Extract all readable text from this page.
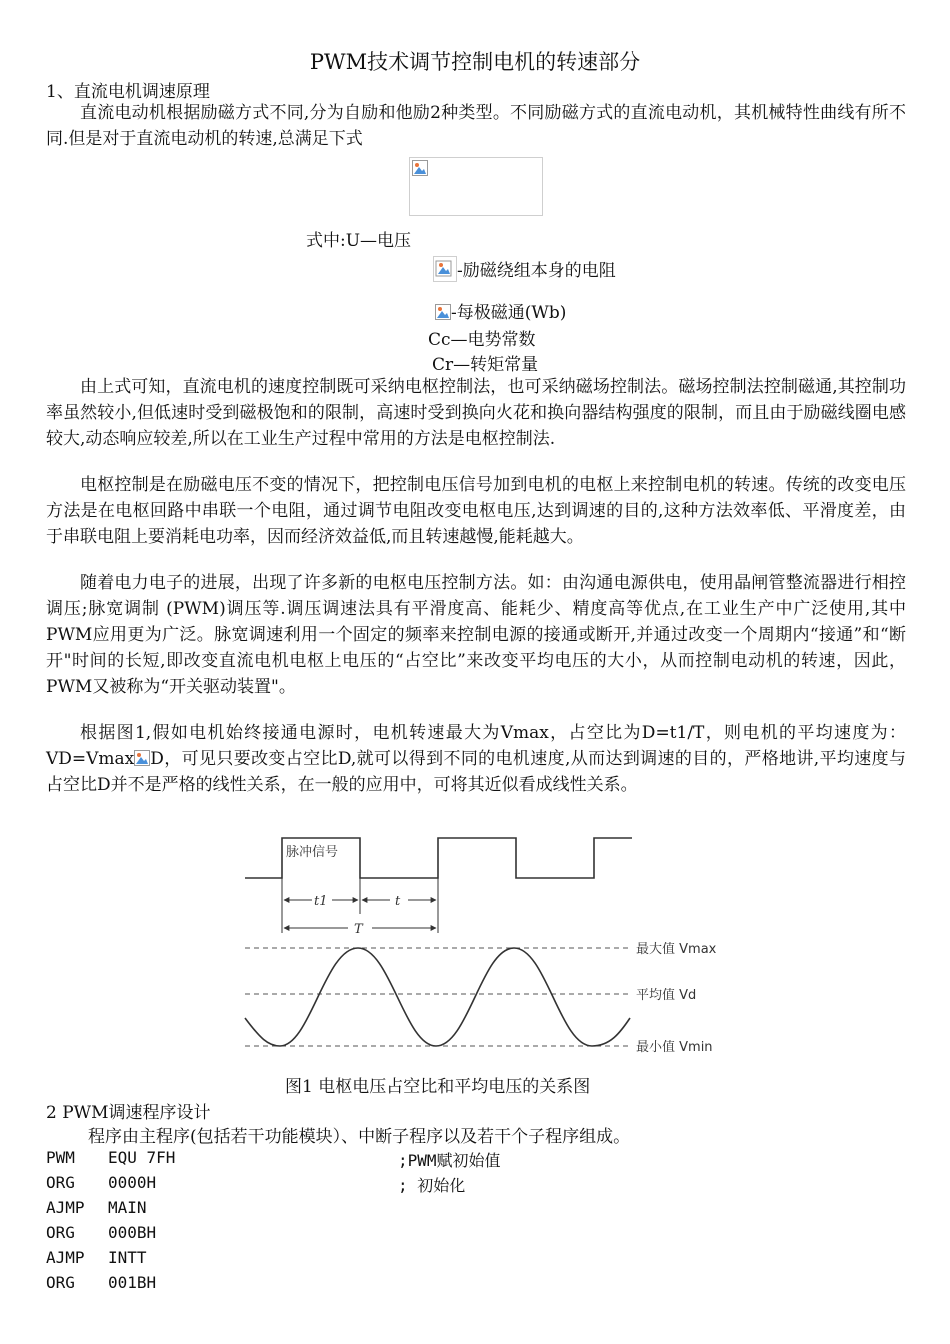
PWM技术调节控制电机的转速部分

1、直流电机调速原理

直流电动机根据励磁方式不同,分为自励和他励2种类型。不同励磁方式的直流电动机，其机械特性曲线有所不同.但是对于直流电动机的转速,总满足下式

式中:U—电压

-励磁绕组本身的电阻
-每极磁通(Wb)

Cc—电势常数

Cr—转矩常量

由上式可知，直流电机的速度控制既可采纳电枢控制法，也可采纳磁场控制法。磁场控制法控制磁通,其控制功率虽然较小,但低速时受到磁极饱和的限制，高速时受到换向火花和换向器结构强度的限制，而且由于励磁线圈电感较大,动态响应较差,所以在工业生产过程中常用的方法是电枢控制法.

电枢控制是在励磁电压不变的情况下，把控制电压信号加到电机的电枢上来控制电机的转速。传统的改变电压方法是在电枢回路中串联一个电阻，通过调节电阻改变电枢电压,达到调速的目的,这种方法效率低、平滑度差，由于串联电阻上要消耗电功率，因而经济效益低,而且转速越慢,能耗越大。

随着电力电子的进展，出现了许多新的电枢电压控制方法。如：由沟通电源供电，使用晶闸管整流器进行相控调压;脉宽调制 (PWM)调压等.调压调速法具有平滑度高、能耗少、精度高等优点,在工业生产中广泛使用,其中PWM应用更为广泛。脉宽调速利用一个固定的频率来控制电源的接通或断开,并通过改变一个周期内“接通”和“断开"时间的长短,即改变直流电机电枢上电压的“占空比”来改变平均电压的大小，从而控制电动机的转速，因此，PWM又被称为“开关驱动装置"。

根据图1,假如电机始终接通电源时，电机转速最大为Vmax，占空比为D=t1/T，则电机的平均速度为：VD=Vmax D，可见只要改变占空比D,就可以得到不同的电机速度,从而达到调速的目的，严格地讲,平均速度与占空比D并不是严格的线性关系，在一般的应用中，可将其近似看成线性关系。

脉冲信号
t1	t
T
最大值 Vmax
平均值 Vd
最小值 Vmin

图1 电枢电压占空比和平均电压的关系图

2 PWM调速程序设计

程序由主程序(包括若干功能模块）、中断子程序以及若干个子程序组成。

PWM EQU 7FH	;PWM赋初始值

ORG 0000H	; 初始化

AJMP MAIN

ORG 000BH

AJMP INTT

ORG 001BH
